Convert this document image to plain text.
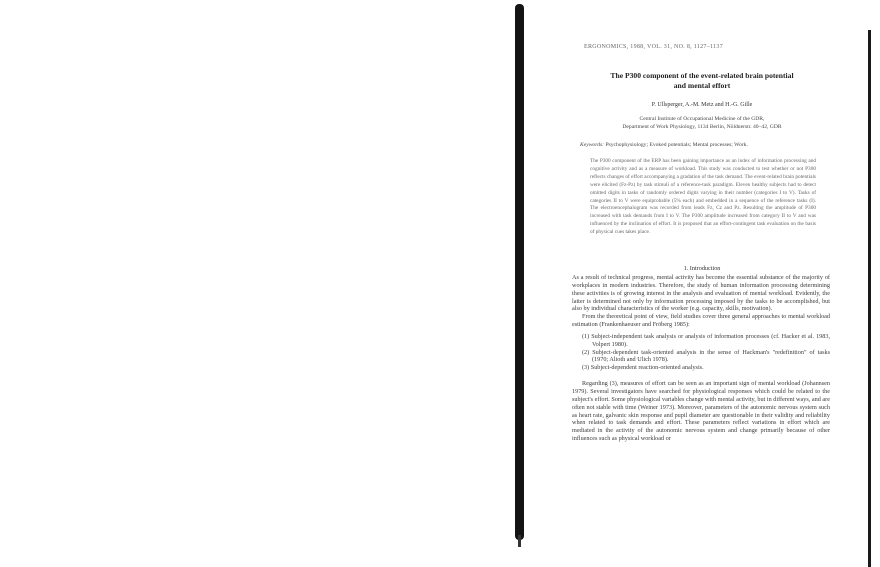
ERGONOMICS, 1988, VOL. 31, NO. 8, 1127–1137
The P300 component of the event-related brain potential
and mental effort
P. Ullsperger, A.-M. Metz and H.-G. Gille
Central Institute of Occupational Medicine of the GDR,
Department of Work Physiology, 1134 Berlin, Nöldnerstr. 40–42, GDR
Keywords: Psychophysiology; Evoked potentials; Mental processes; Work.

The P300 component of the ERP has been gaining importance as an index of information processing and cognitive activity and as a measure of workload. This study was conducted to test whether or not P300 reflects changes of effort accompanying a gradation of the task demand. The event-related brain potentials were elicited (Fz-Pz) by task stimuli of a reference-task paradigm. Eleven healthy subjects had to detect omitted digits in tasks of randomly ordered digits varying in their number (categories I to V). Tasks of categories II to V were equiprobable (5% each) and embedded in a sequence of the reference tasks (I). The electroencephalogram was recorded from leads Fz, Cz and Pz. Resulting the amplitude of P300 increased with task demands from I to V. The P300 amplitude increased from category II to V and was influenced by the inclination of effort. It is proposed that an effort-contingent task evaluation on the basis of physical cues takes place.

1. Introduction

As a result of technical progress, mental activity has become the essential substance of the majority of workplaces in modern industries. Therefore, the study of human information processing determining these activities is of growing interest in the analysis and evaluation of mental workload. Evidently, the latter is determined not only by information processing imposed by the tasks to be accomplished, but also by individual characteristics of the worker (e.g. capacity, skills, motivation).

From the theoretical point of view, field studies cover three general approaches to mental workload estimation (Frankenhaeuser and Fröberg 1985):

(1) Subject-independent task analysis or analysis of information processes (cf. Hacker et al. 1983, Volpert 1980).
(2) Subject-dependent task-oriented analysis in the sense of Hackman's "redefinition" of tasks (1970; Alioth and Ulich 1978).
(3) Subject-dependent reaction-oriented analysis.

Regarding (3), measures of effort can be seen as an important sign of mental workload (Johannsen 1979). Several investigators have searched for physiological responses which could be related to the subject's effort. Some physiological variables change with mental activity, but in different ways, and are often not stable with time (Weiner 1973). Moreover, parameters of the autonomic nervous system such as heart rate, galvanic skin response and pupil diameter are questionable in their validity and reliability when related to task demands and effort. These parameters reflect variations in effort which are mediated in the activity of the autonomic nervous system and change primarily because of other influences such as physical workload or
